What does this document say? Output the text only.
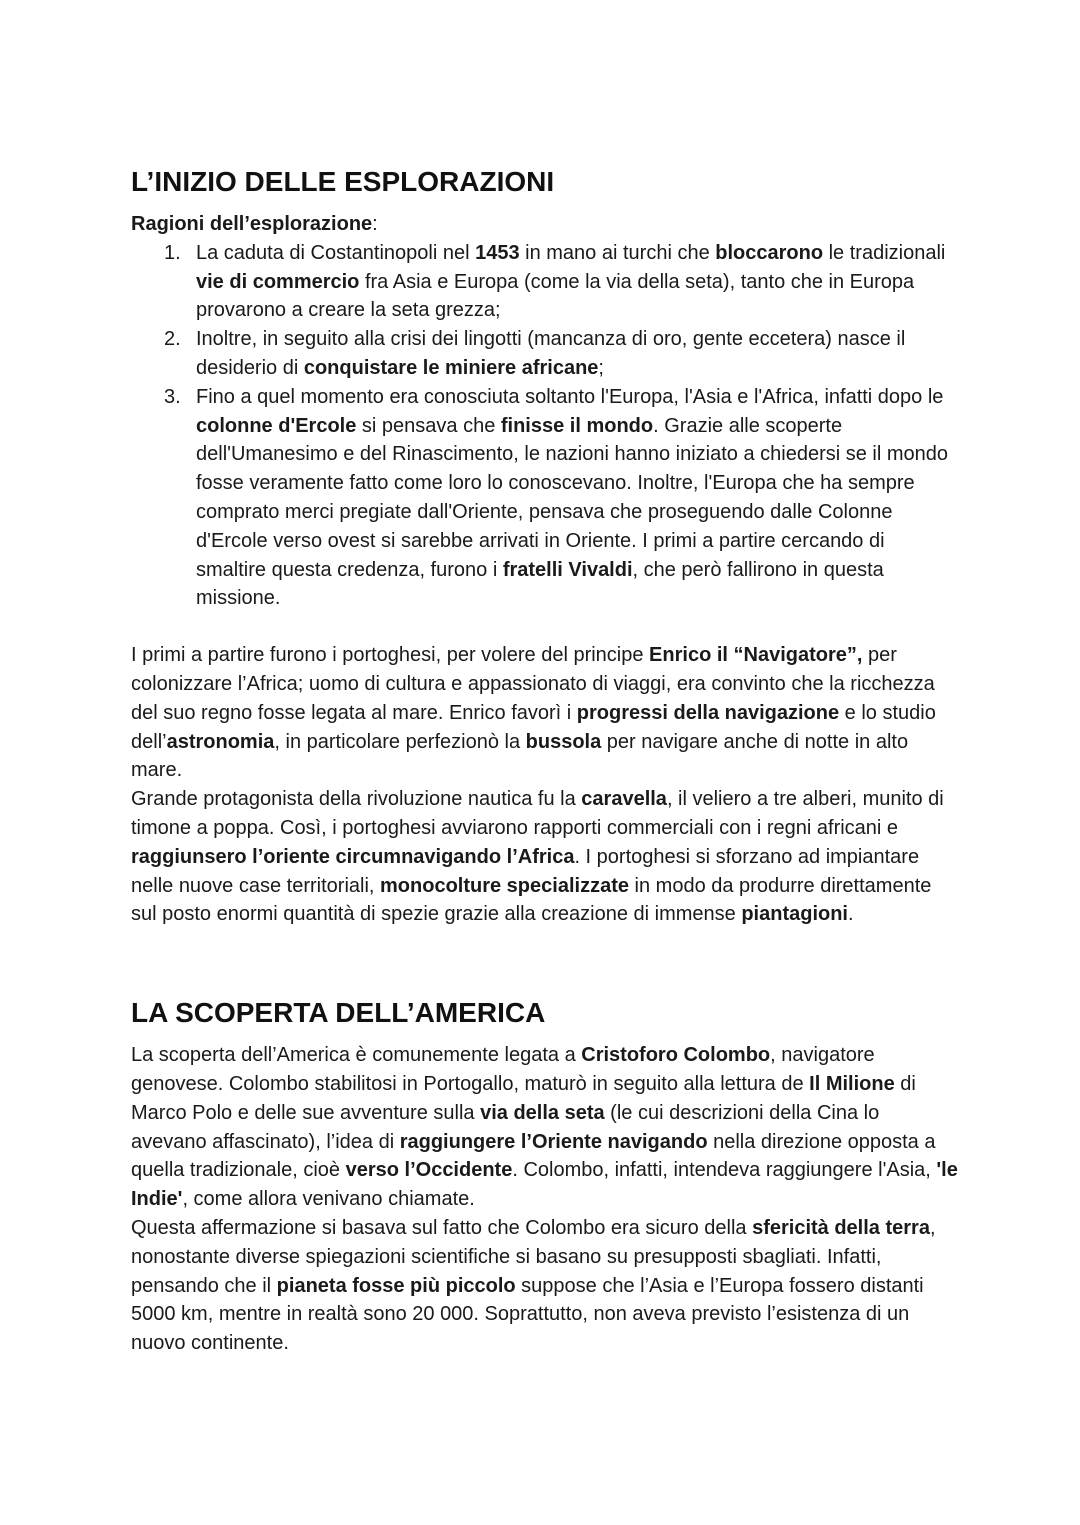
L’INIZIO DELLE ESPLORAZIONI
Ragioni dell’esplorazione:
La caduta di Costantinopoli nel 1453 in mano ai turchi che bloccarono le tradizionali vie di commercio fra Asia e Europa (come la via della seta), tanto che in Europa provarono a creare la seta grezza;
Inoltre, in seguito alla crisi dei lingotti (mancanza di oro, gente eccetera) nasce il desiderio di conquistare le miniere africane;
Fino a quel momento era conosciuta soltanto l'Europa, l'Asia e l'Africa, infatti dopo le colonne d'Ercole si pensava che finisse il mondo. Grazie alle scoperte dell'Umanesimo e del Rinascimento, le nazioni hanno iniziato a chiedersi se il mondo fosse veramente fatto come loro lo conoscevano. Inoltre, l'Europa che ha sempre comprato merci pregiate dall'Oriente, pensava che proseguendo dalle Colonne d'Ercole verso ovest si sarebbe arrivati in Oriente. I primi a partire cercando di smaltire questa credenza, furono i fratelli Vivaldi, che però fallirono in questa missione.

I primi a partire furono i portoghesi, per volere del principe Enrico il “Navigatore”, per colonizzare l’Africa; uomo di cultura e appassionato di viaggi, era convinto che la ricchezza del suo regno fosse legata al mare. Enrico favorì i progressi della navigazione e lo studio dell’astronomia, in particolare perfezionò la bussola per navigare anche di notte in alto mare.

Grande protagonista della rivoluzione nautica fu la caravella, il veliero a tre alberi, munito di timone a poppa. Così, i portoghesi avviarono rapporti commerciali con i regni africani e raggiunsero l’oriente circumnavigando l’Africa. I portoghesi si sforzano ad impiantare nelle nuove case territoriali, monocolture specializzate in modo da produrre direttamente sul posto enormi quantità di spezie grazie alla creazione di immense piantagioni.

LA SCOPERTA DELL’AMERICA

La scoperta dell’America è comunemente legata a Cristoforo Colombo, navigatore genovese. Colombo stabilitosi in Portogallo, maturò in seguito alla lettura de Il Milione di Marco Polo e delle sue avventure sulla via della seta (le cui descrizioni della Cina lo avevano affascinato), l’idea di raggiungere l’Oriente navigando nella direzione opposta a quella tradizionale, cioè verso l’Occidente. Colombo, infatti, intendeva raggiungere l'Asia, 'le Indie', come allora venivano chiamate.

Questa affermazione si basava sul fatto che Colombo era sicuro della sfericità della terra, nonostante diverse spiegazioni scientifiche si basano su presupposti sbagliati. Infatti, pensando che il pianeta fosse più piccolo suppose che l’Asia e l’Europa fossero distanti 5000 km, mentre in realtà sono 20 000. Soprattutto, non aveva previsto l’esistenza di un nuovo continente.
